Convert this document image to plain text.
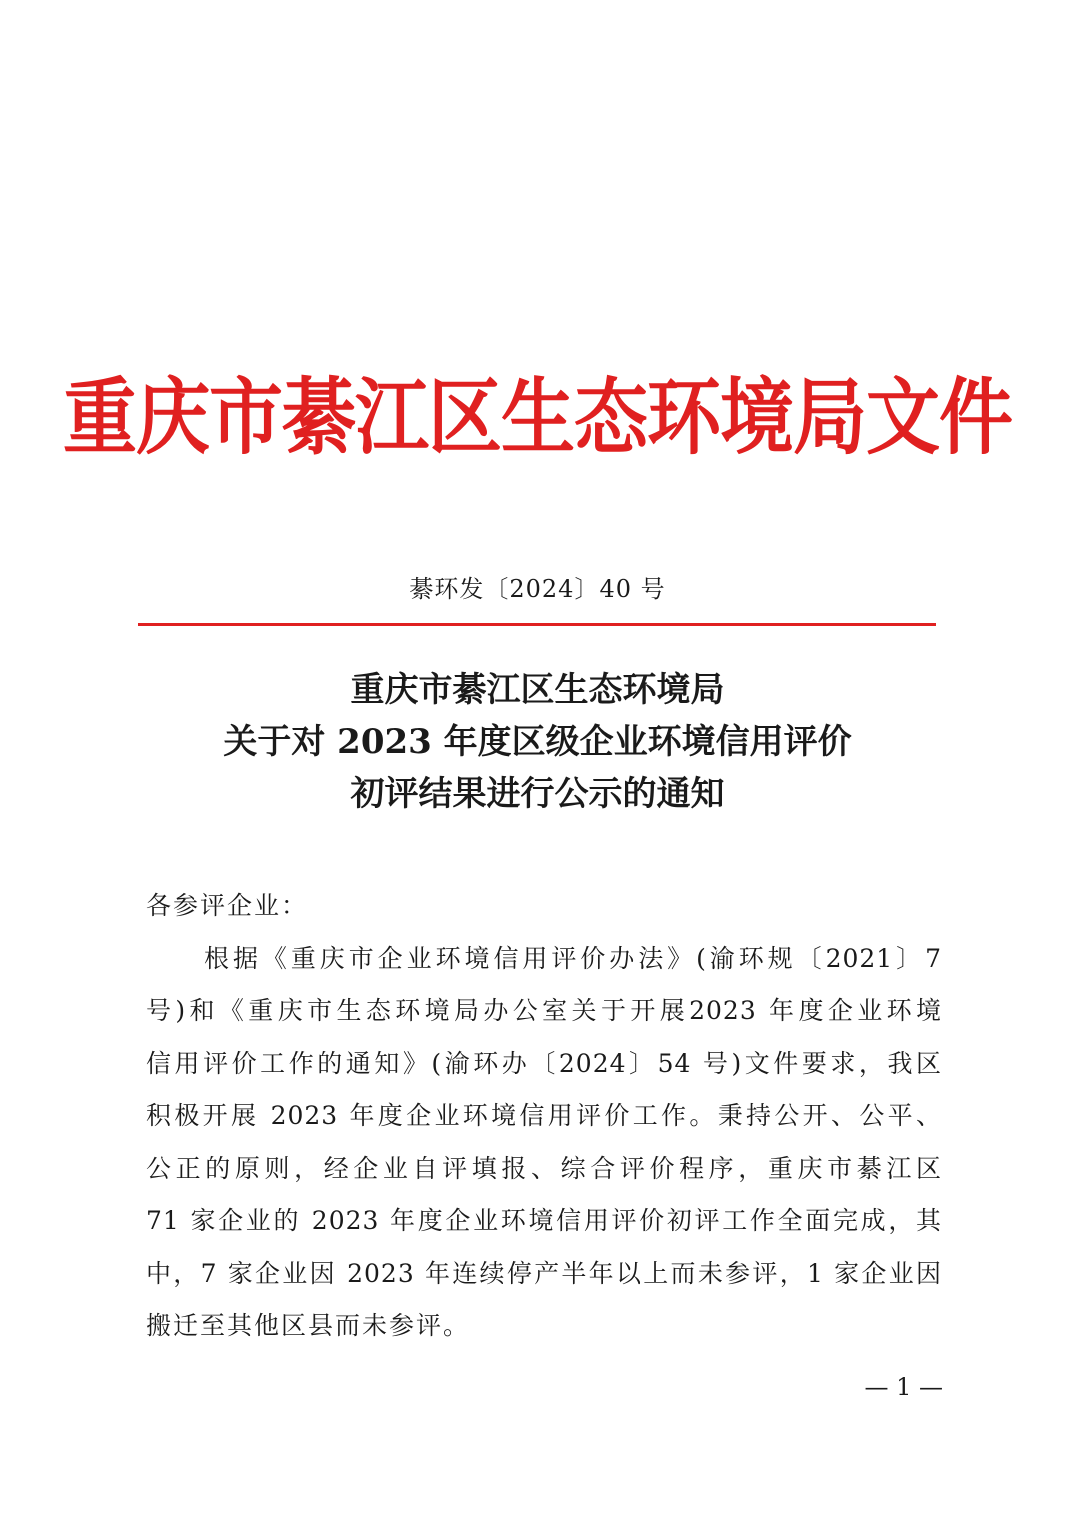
重庆市綦江区生态环境局文件
綦环发〔2024〕40 号
重庆市綦江区生态环境局
关于对 2023 年度区级企业环境信用评价
初评结果进行公示的通知

各参评企业：

根据《重庆市企业环境信用评价办法》(渝环规〔2021〕7

号)和《重庆市生态环境局办公室关于开展2023 年度企业环境

信用评价工作的通知》(渝环办〔2024〕54 号)文件要求，我区

积极开展 2023 年度企业环境信用评价工作。秉持公开、公平、

公正的原则，经企业自评填报、综合评价程序，重庆市綦江区

71 家企业的 2023 年度企业环境信用评价初评工作全面完成，其

中，7 家企业因 2023 年连续停产半年以上而未参评，1 家企业因

搬迁至其他区县而未参评。

— 1 —
